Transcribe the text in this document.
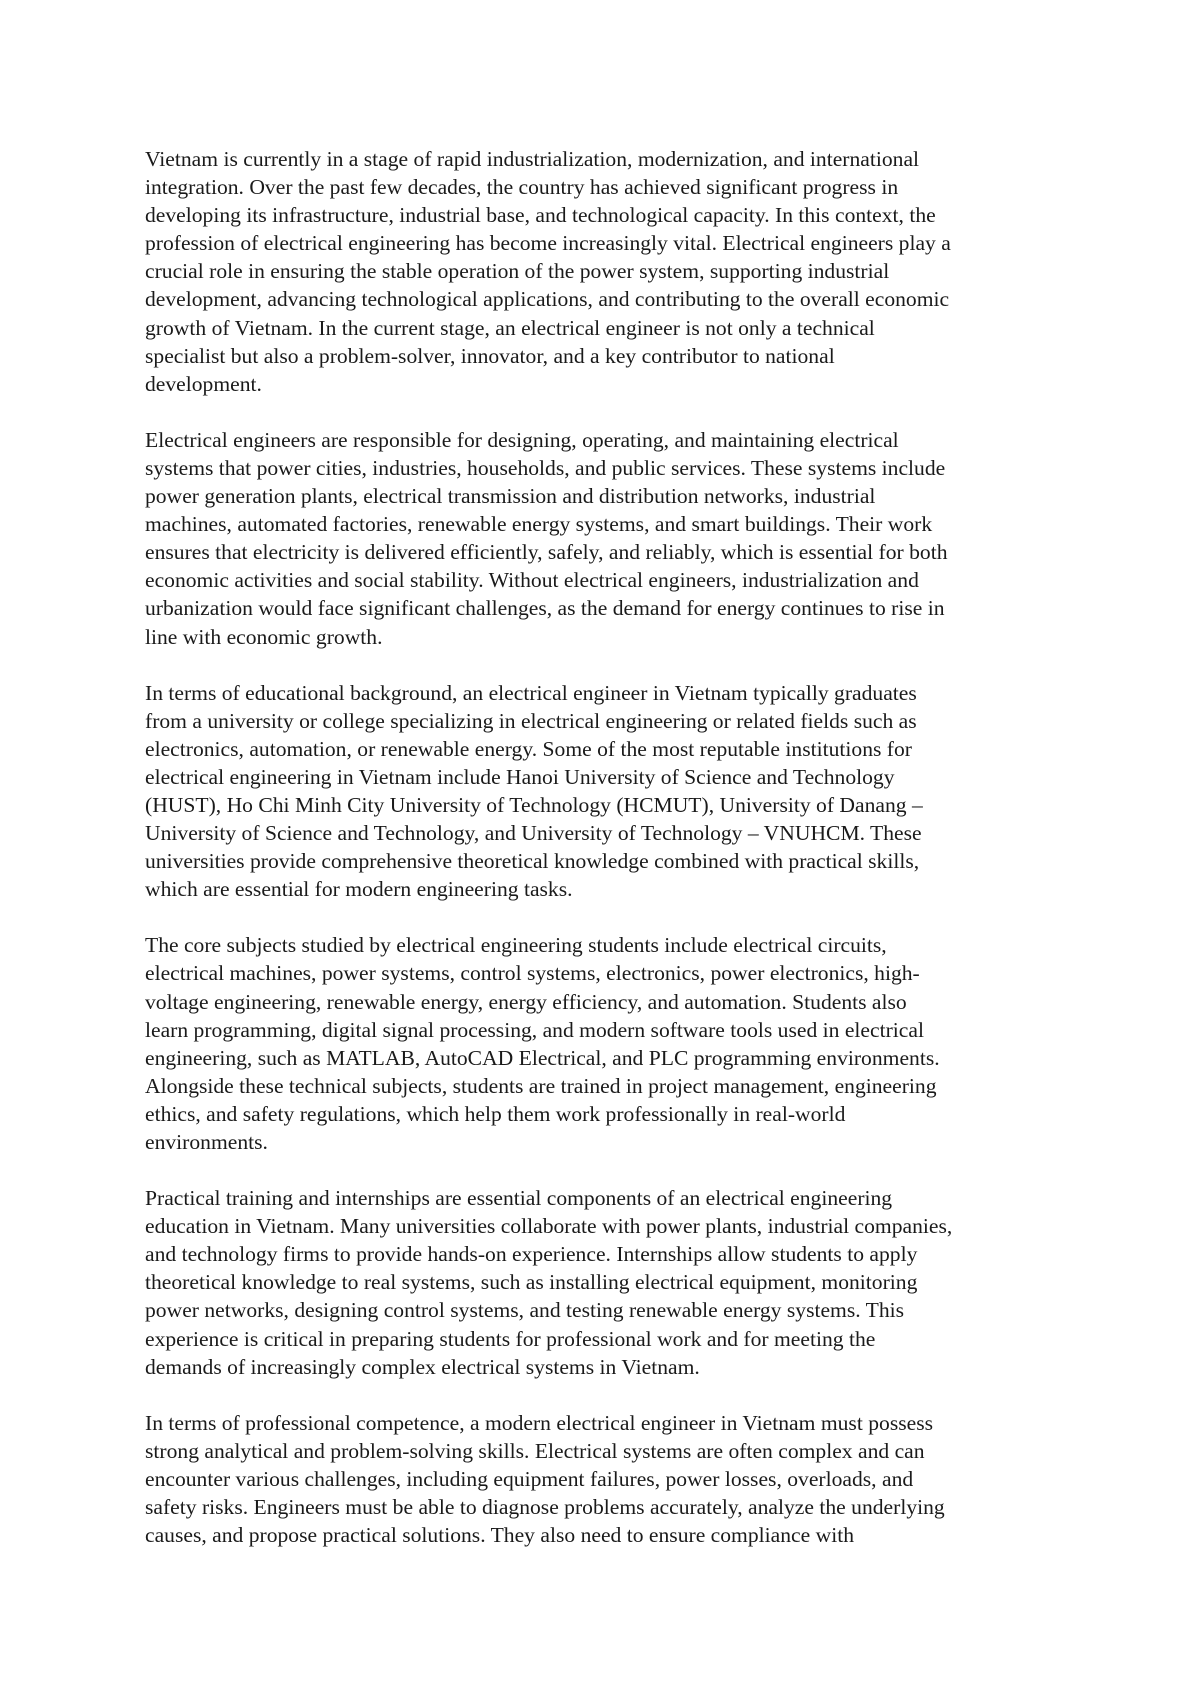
Vietnam is currently in a stage of rapid industrialization, modernization, and international
integration. Over the past few decades, the country has achieved significant progress in
developing its infrastructure, industrial base, and technological capacity. In this context, the
profession of electrical engineering has become increasingly vital. Electrical engineers play a
crucial role in ensuring the stable operation of the power system, supporting industrial
development, advancing technological applications, and contributing to the overall economic
growth of Vietnam. In the current stage, an electrical engineer is not only a technical
specialist but also a problem-solver, innovator, and a key contributor to national
development.

Electrical engineers are responsible for designing, operating, and maintaining electrical
systems that power cities, industries, households, and public services. These systems include
power generation plants, electrical transmission and distribution networks, industrial
machines, automated factories, renewable energy systems, and smart buildings. Their work
ensures that electricity is delivered efficiently, safely, and reliably, which is essential for both
economic activities and social stability. Without electrical engineers, industrialization and
urbanization would face significant challenges, as the demand for energy continues to rise in
line with economic growth.

In terms of educational background, an electrical engineer in Vietnam typically graduates
from a university or college specializing in electrical engineering or related fields such as
electronics, automation, or renewable energy. Some of the most reputable institutions for
electrical engineering in Vietnam include Hanoi University of Science and Technology
(HUST), Ho Chi Minh City University of Technology (HCMUT), University of Danang –
University of Science and Technology, and University of Technology – VNUHCM. These
universities provide comprehensive theoretical knowledge combined with practical skills,
which are essential for modern engineering tasks.

The core subjects studied by electrical engineering students include electrical circuits,
electrical machines, power systems, control systems, electronics, power electronics, high-
voltage engineering, renewable energy, energy efficiency, and automation. Students also
learn programming, digital signal processing, and modern software tools used in electrical
engineering, such as MATLAB, AutoCAD Electrical, and PLC programming environments.
Alongside these technical subjects, students are trained in project management, engineering
ethics, and safety regulations, which help them work professionally in real-world
environments.

Practical training and internships are essential components of an electrical engineering
education in Vietnam. Many universities collaborate with power plants, industrial companies,
and technology firms to provide hands-on experience. Internships allow students to apply
theoretical knowledge to real systems, such as installing electrical equipment, monitoring
power networks, designing control systems, and testing renewable energy systems. This
experience is critical in preparing students for professional work and for meeting the
demands of increasingly complex electrical systems in Vietnam.

In terms of professional competence, a modern electrical engineer in Vietnam must possess
strong analytical and problem-solving skills. Electrical systems are often complex and can
encounter various challenges, including equipment failures, power losses, overloads, and
safety risks. Engineers must be able to diagnose problems accurately, analyze the underlying
causes, and propose practical solutions. They also need to ensure compliance with
